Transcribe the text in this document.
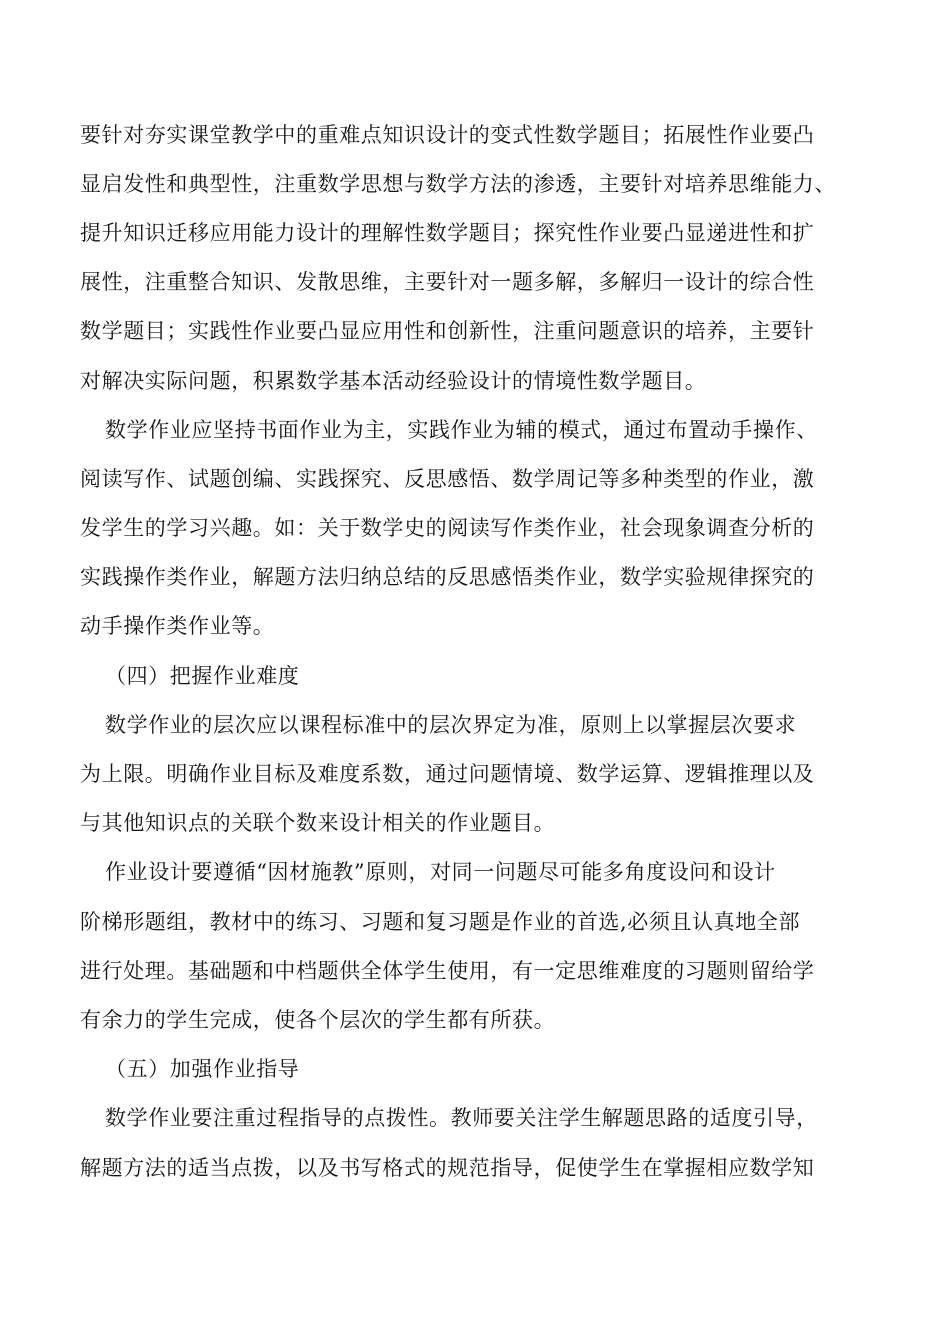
要针对夯实课堂教学中的重难点知识设计的变式性数学题目；拓展性作业要凸
显启发性和典型性，注重数学思想与数学方法的渗透，主要针对培养思维能力、
提升知识迁移应用能力设计的理解性数学题目；探究性作业要凸显递进性和扩
展性，注重整合知识、发散思维，主要针对一题多解，多解归一设计的综合性
数学题目；实践性作业要凸显应用性和创新性，注重问题意识的培养，主要针
对解决实际问题，积累数学基本活动经验设计的情境性数学题目。
数学作业应坚持书面作业为主，实践作业为辅的模式，通过布置动手操作、
阅读写作、试题创编、实践探究、反思感悟、数学周记等多种类型的作业，激
发学生的学习兴趣。如：关于数学史的阅读写作类作业，社会现象调查分析的
实践操作类作业，解题方法归纳总结的反思感悟类作业，数学实验规律探究的
动手操作类作业等。
（四）把握作业难度
数学作业的层次应以课程标准中的层次界定为准，原则上以掌握层次要求
为上限。明确作业目标及难度系数，通过问题情境、数学运算、逻辑推理以及
与其他知识点的关联个数来设计相关的作业题目。
作业设计要遵循“因材施教”原则，对同一问题尽可能多角度设问和设计
阶梯形题组，教材中的练习、习题和复习题是作业的首选,必须且认真地全部
进行处理。基础题和中档题供全体学生使用，有一定思维难度的习题则留给学
有余力的学生完成，使各个层次的学生都有所获。
（五）加强作业指导
数学作业要注重过程指导的点拨性。教师要关注学生解题思路的适度引导，
解题方法的适当点拨，以及书写格式的规范指导，促使学生在掌握相应数学知
